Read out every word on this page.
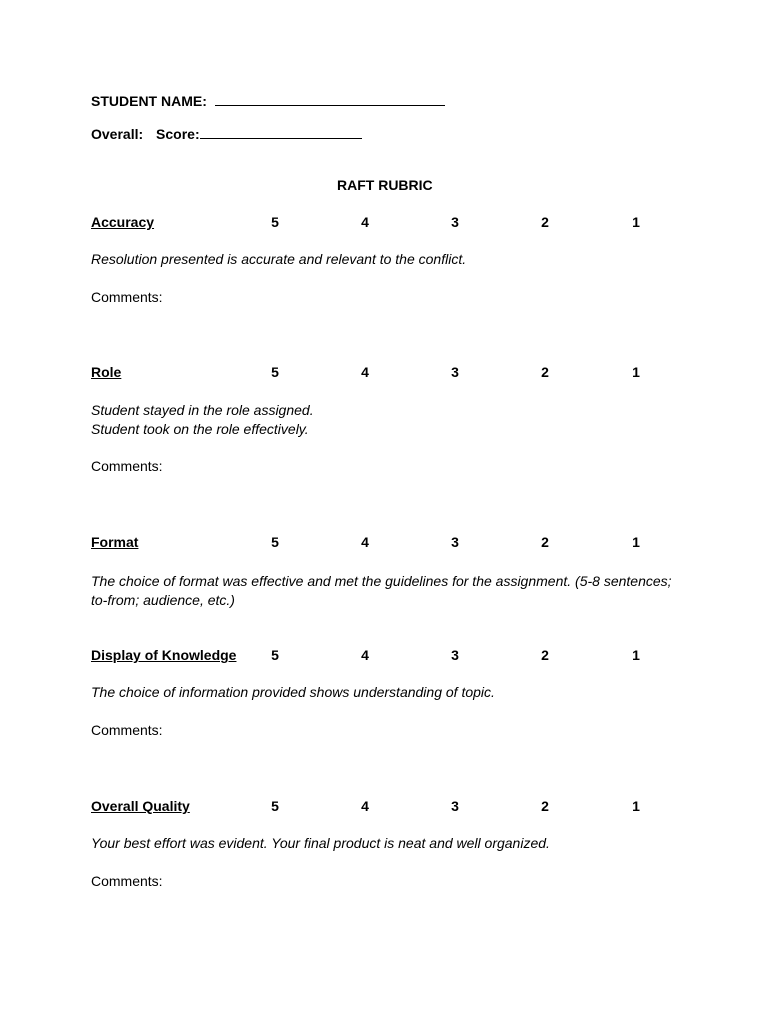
STUDENT NAME:
Overall: Score:
RAFT RUBRIC
Accuracy	5	4	3	2	1
Resolution presented is accurate and relevant to the conflict.
Comments:
Role	5	4	3	2	1
Student stayed in the role assigned.
Student took on the role effectively.
Comments:
Format	5	4	3	2	1
The choice of format was effective and met the guidelines for the assignment. (5-8 sentences; to-from; audience, etc.)
Display of Knowledge 5	4	3	2	1
The choice of information provided shows understanding of topic.
Comments:
Overall Quality	5	4	3	2	1
Your best effort was evident. Your final product is neat and well organized.
Comments:
